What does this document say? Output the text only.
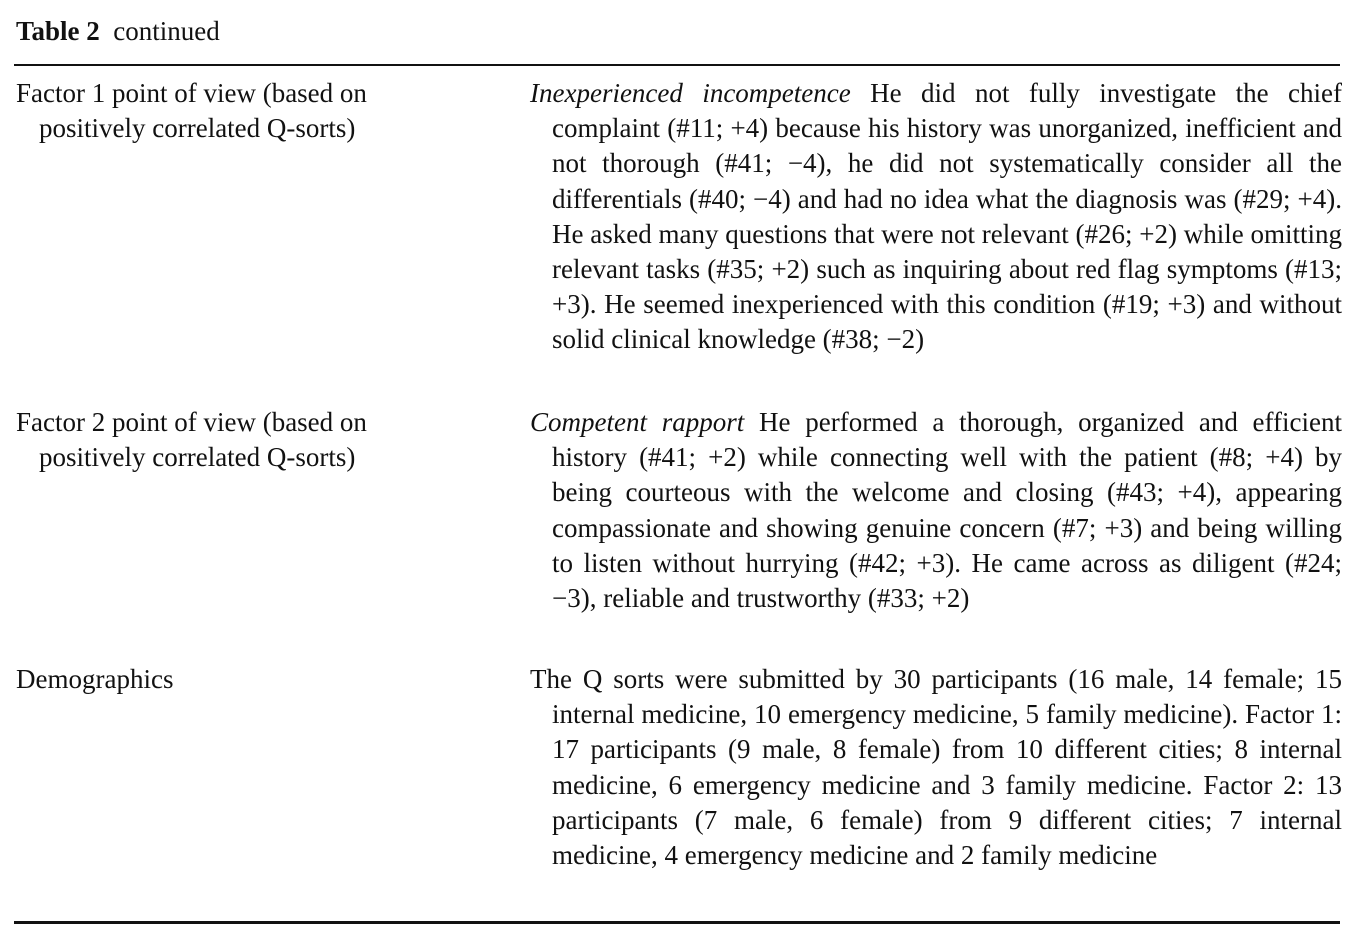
Table 2 continued
Factor 1 point of view (based on
positively correlated Q-sorts)
Inexperienced incompetence He did not fully investigate the chief complaint (#11; +4) because his history was unorganized, inefficient and not thorough (#41; −4), he did not systematically consider all the differentials (#40; −4) and had no idea what the diagnosis was (#29; +4). He asked many questions that were not relevant (#26; +2) while omitting relevant tasks (#35; +2) such as inquiring about red flag symptoms (#13; +3). He seemed inexperienced with this condition (#19; +3) and without solid clinical knowledge (#38; −2)
Factor 2 point of view (based on
positively correlated Q-sorts)
Competent rapport He performed a thorough, organized and efficient history (#41; +2) while connecting well with the patient (#8; +4) by being courteous with the welcome and closing (#43; +4), appearing compassionate and showing genuine concern (#7; +3) and being willing to listen without hurrying (#42; +3). He came across as diligent (#24; −3), reliable and trustworthy (#33; +2)
Demographics	The Q sorts were submitted by 30 participants (16 male, 14 female; 15 internal medicine, 10 emergency medicine, 5 family medicine). Factor 1: 17 participants (9 male, 8 female) from 10 different cities; 8 internal medicine, 6 emergency medicine and 3 family medicine. Factor 2: 13 participants (7 male, 6 female) from 9 different cities; 7 internal medicine, 4 emergency medicine and 2 family medicine
